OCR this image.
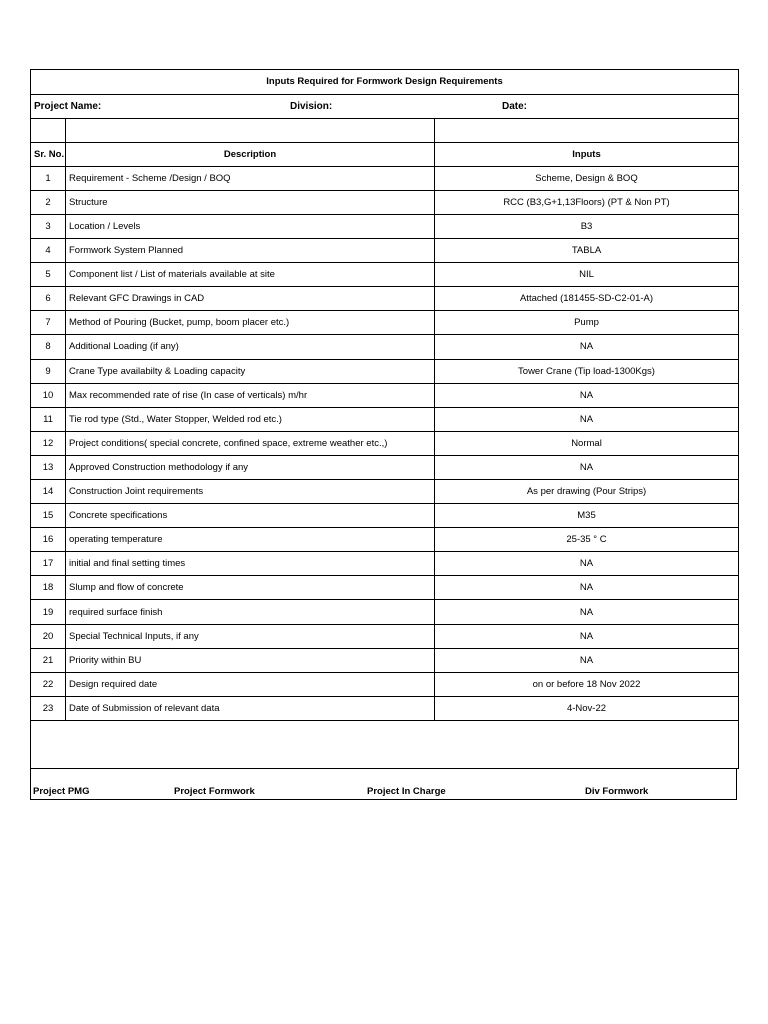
Inputs Required for Formwork Design Requirements		

Project Name: Division: Date:		

Sr. No.	Description	Inputs
1	Requirement - Scheme /Design / BOQ	Scheme, Design & BOQ
2	Structure	RCC (B3,G+1,13Floors) (PT & Non PT)
3	Location / Levels	B3
4	Formwork System Planned	TABLA
5	Component list / List of materials available at site	NIL
6	Relevant GFC Drawings in CAD	Attached (181455-SD-C2-01-A)
7	Method of Pouring (Bucket, pump, boom placer etc.)	Pump
8	Additional Loading (if any)	NA
9	Crane Type availabilty & Loading capacity	Tower Crane (Tip load-1300Kgs)
10	Max recommended rate of rise (In case of verticals) m/hr	NA
11	Tie rod type (Std., Water Stopper, Welded rod etc.)	NA
12	Project conditions( special concrete, confined space, extreme weather etc.,)	Normal
13	Approved Construction methodology if any	NA
14	Construction Joint requirements	As per drawing (Pour Strips)
15	Concrete specifications	M35
16	operating temperature	25-35 ° C
17	initial and final setting times	NA
18	Slump and flow of concrete	NA
19	required surface finish	NA
20	Special Technical Inputs, if any	NA
21	Priority within BU	NA
22	Design required date	on or before 18 Nov 2022
23	Date of Submission of relevant data	4-Nov-22

Project PMG	Project Formwork	Project In Charge	Div Formwork
